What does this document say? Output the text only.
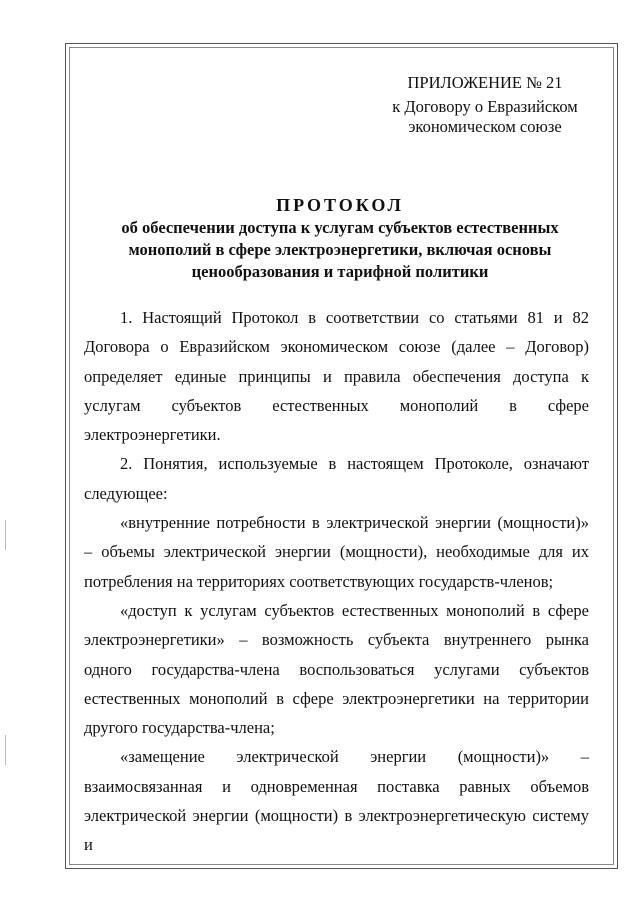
ПРИЛОЖЕНИЕ № 21
к Договору о Евразийском
экономическом союзе
ПРОТОКОЛ
об обеспечении доступа к услугам субъектов естественных
монополий в сфере электроэнергетики, включая основы
ценообразования и тарифной политики

1. Настоящий Протокол в соответствии со статьями 81 и 82 Договора о Евразийском экономическом союзе (далее – Договор) определяет единые принципы и правила обеспечения доступа к услугам субъектов естественных монополий в сфере электроэнергетики.

2. Понятия, используемые в настоящем Протоколе, означают следующее:

«внутренние потребности в электрической энергии (мощности)» – объемы электрической энергии (мощности), необходимые для их потребления на территориях соответствующих государств-членов;

«доступ к услугам субъектов естественных монополий в сфере электроэнергетики» – возможность субъекта внутреннего рынка одного государства-члена воспользоваться услугами субъектов естественных монополий в сфере электроэнергетики на территории другого государства-члена;

«замещение электрической энергии (мощности)» – взаимосвязанная и одновременная поставка равных объемов электрической энергии (мощности) в электроэнергетическую систему и
